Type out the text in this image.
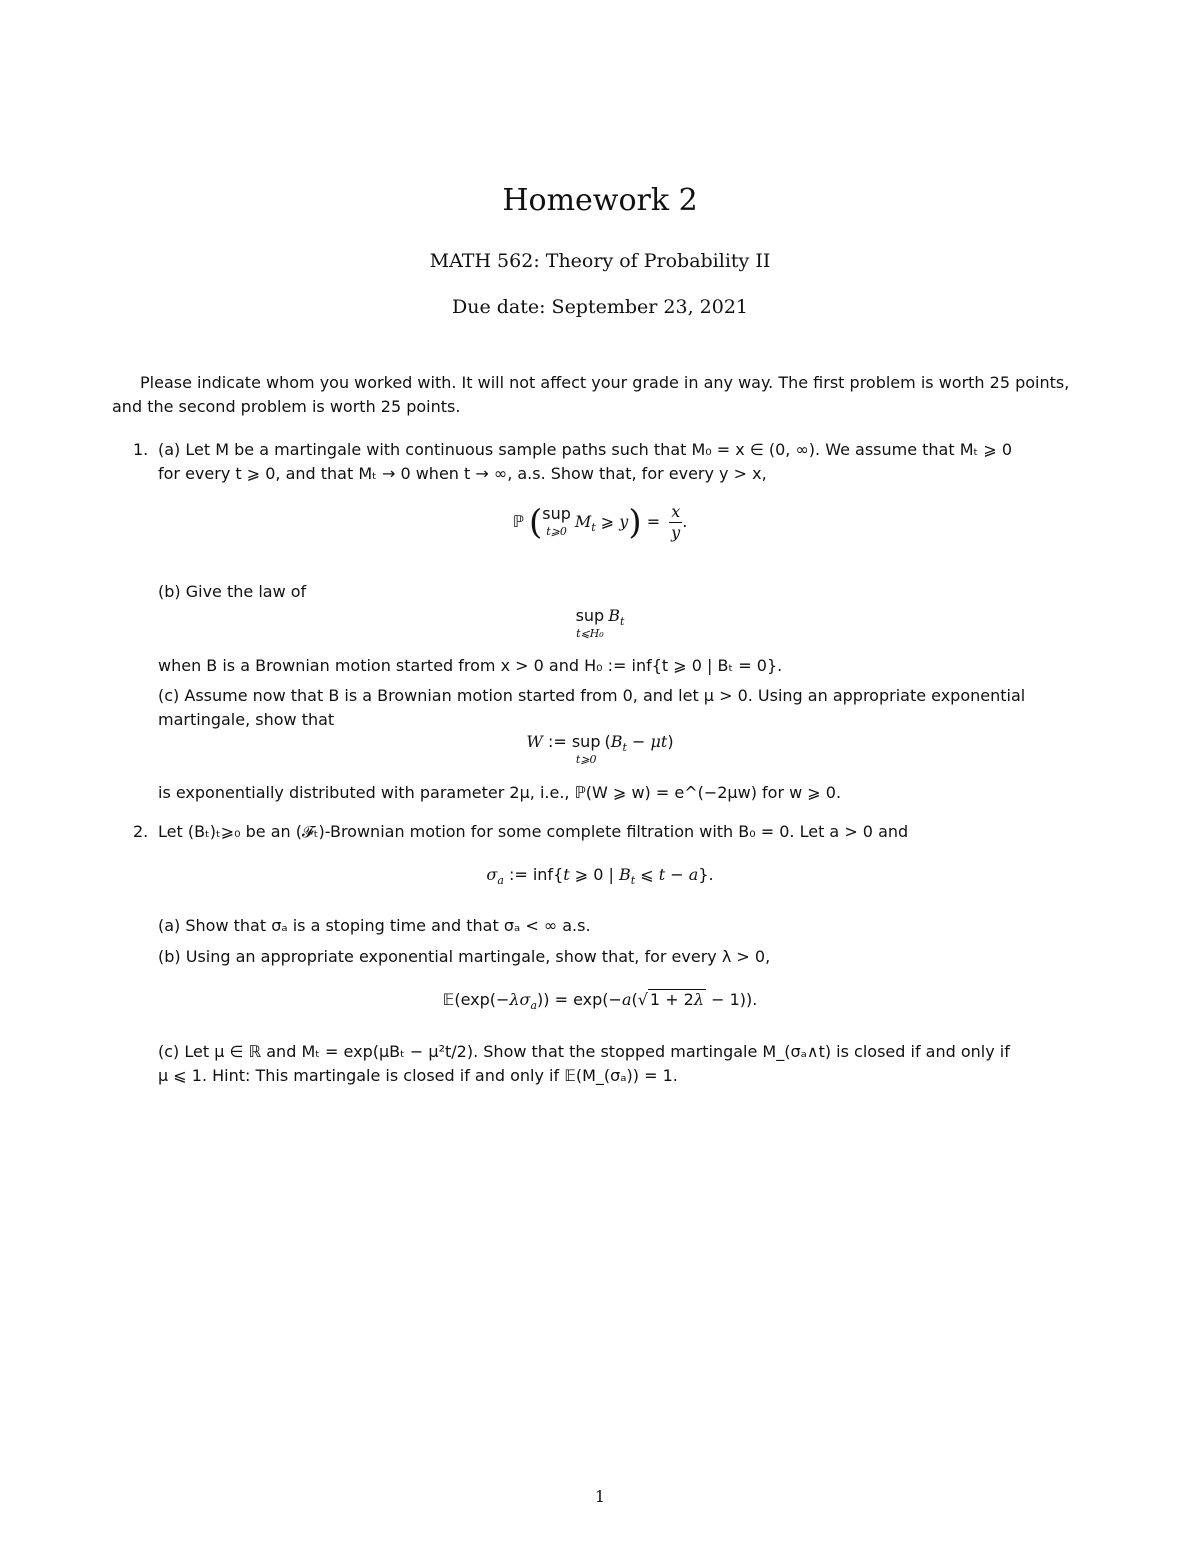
Homework 2
MATH 562: Theory of Probability II
Due date: September 23, 2021
Please indicate whom you worked with. It will not affect your grade in any way. The first problem is worth 25 points, and the second problem is worth 25 points.
1. (a) Let M be a martingale with continuous sample paths such that M₀ = x ∈ (0, ∞). We assume that Mₜ ⩾ 0
for every t ⩾ 0, and that Mₜ → 0 when t → ∞, a.s. Show that, for every y > x,
ℙ ( sup
t⩾0
$M_t$ ⩾ $y) = \frac{x}{y}$ .
(b) Give the law of
sup
t⩽H₀
$B_t$
when B is a Brownian motion started from x > 0 and H₀ := inf{t ⩾ 0 | Bₜ = 0}.
(c) Assume now that B is a Brownian motion started from 0, and let μ > 0. Using an appropriate exponential
martingale, show that
W := sup
t⩾0
$(B_t - \mu t)$
is exponentially distributed with parameter 2μ, i.e., ℙ(W ⩾ w) = e^(−2μw) for w ⩾ 0.
2. Let (Bₜ)ₜ⩾₀ be an (𝓕ₜ)-Brownian motion for some complete filtration with B₀ = 0. Let a > 0 and
$\sigma_a$ := inf{t ⩾ 0 | $B_t$ ⩽ t − a}.
(a) Show that σₐ is a stoping time and that σₐ < ∞ a.s.
(b) Using an appropriate exponential martingale, show that, for every λ > 0,
$𝔼(\exp(-\lambda\sigma_a)) = \exp(-a(√$ 1 + 2λ − 1)).
(c) Let μ ∈ ℝ and Mₜ = exp(μBₜ − μ²t/2). Show that the stopped martingale M_(σₐ∧t) is closed if and only if
μ ⩽ 1. Hint: This martingale is closed if and only if 𝔼(M_(σₐ)) = 1.
1
